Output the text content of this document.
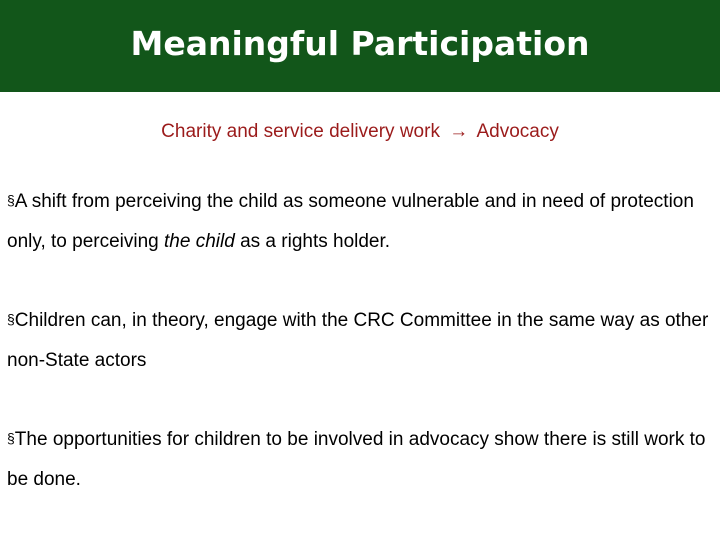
Meaningful Participation
Charity and service delivery work → Advocacy

§A shift from perceiving the child as someone vulnerable and in need of protection only, to perceiving the child as a rights holder.

§Children can, in theory, engage with the CRC Committee in the same way as other non-State actors

§The opportunities for children to be involved in advocacy show there is still work to be done.
